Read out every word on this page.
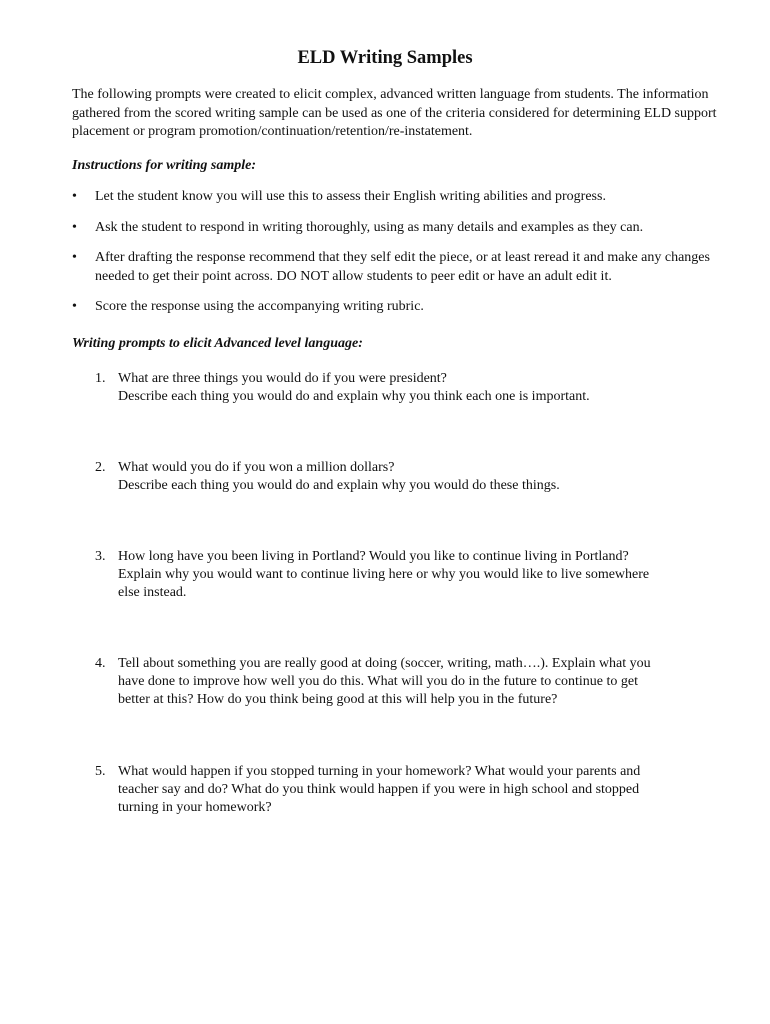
ELD Writing Samples

The following prompts were created to elicit complex, advanced written language from students. The information gathered from the scored writing sample can be used as one of the criteria considered for determining ELD support placement or program promotion/continuation/retention/re-instatement.

Instructions for writing sample:

•	Let the student know you will use this to assess their English writing abilities and progress.

•	Ask the student to respond in writing thoroughly, using as many details and examples as they can.

•	After drafting the response recommend that they self edit the piece, or at least reread it and make any changes needed to get their point across. DO NOT allow students to peer edit or have an adult edit it.

•	Score the response using the accompanying writing rubric.

Writing prompts to elicit Advanced level language:

1. What are three things you would do if you were president?
Describe each thing you would do and explain why you think each one is important.
2. What would you do if you won a million dollars?
Describe each thing you would do and explain why you would do these things.
3. How long have you been living in Portland? Would you like to continue living in Portland?
Explain why you would want to continue living here or why you would like to live somewhere
else instead.
4. Tell about something you are really good at doing (soccer, writing, math….). Explain what you
have done to improve how well you do this. What will you do in the future to continue to get
better at this? How do you think being good at this will help you in the future?
5. What would happen if you stopped turning in your homework? What would your parents and
teacher say and do? What do you think would happen if you were in high school and stopped
turning in your homework?
